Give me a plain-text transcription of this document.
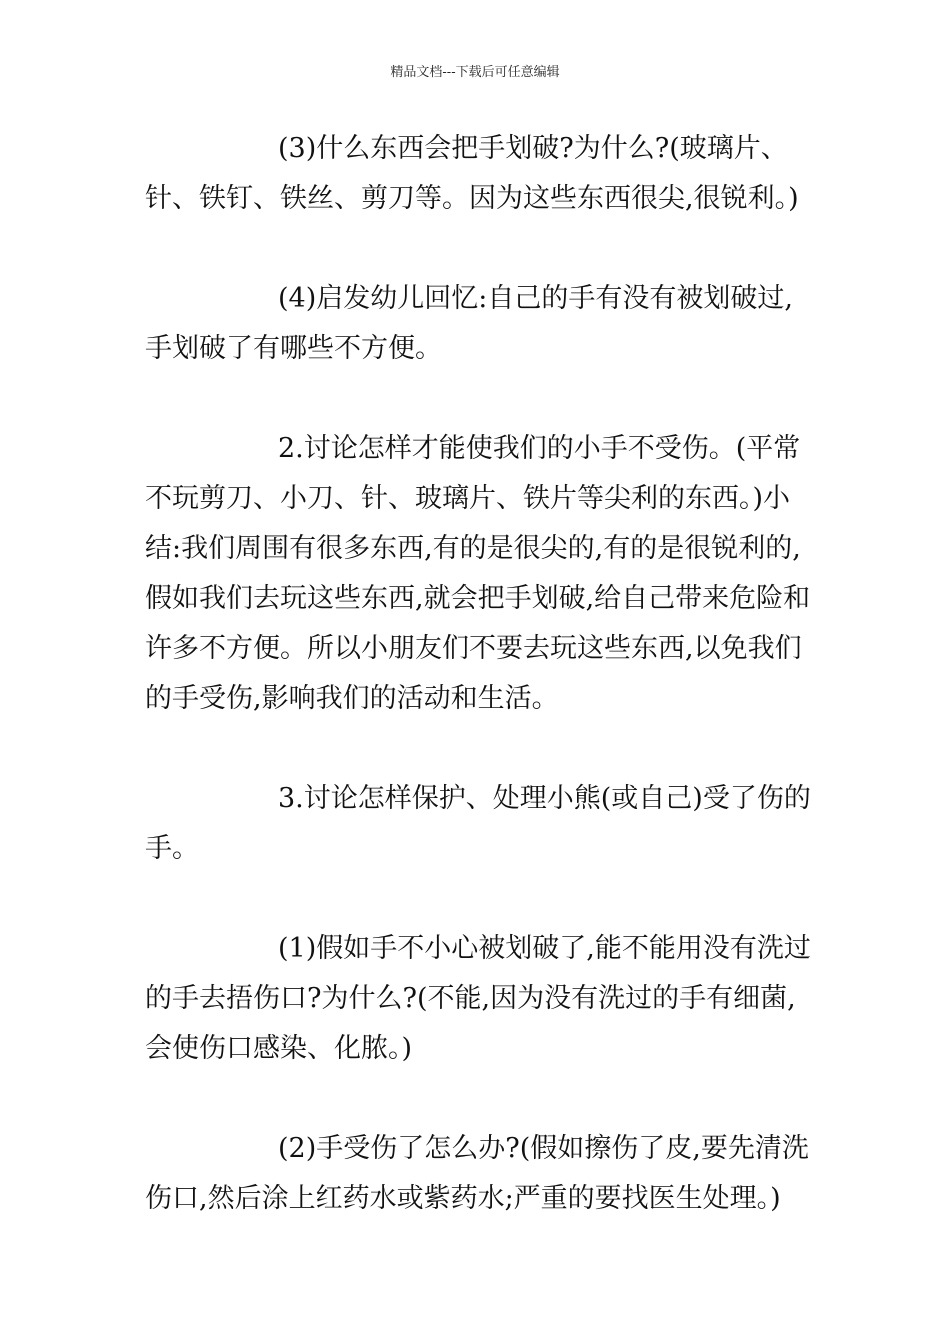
精品文档---下载后可任意编辑

(3)什么东西会把手划破?为什么?(玻璃片、针、铁钉、铁丝、剪刀等。因为这些东西很尖,很锐利。)

(4)启发幼儿回忆:自己的手有没有被划破过,手划破了有哪些不方便。

2.讨论怎样才能使我们的小手不受伤。(平常不玩剪刀、小刀、针、玻璃片、铁片等尖利的东西。)小结:我们周围有很多东西,有的是很尖的,有的是很锐利的,假如我们去玩这些东西,就会把手划破,给自己带来危险和许多不方便。所以小朋友们不要去玩这些东西,以免我们的手受伤,影响我们的活动和生活。

3.讨论怎样保护、处理小熊(或自己)受了伤的手。

(1)假如手不小心被划破了,能不能用没有洗过的手去捂伤口?为什么?(不能,因为没有洗过的手有细菌,会使伤口感染、化脓。)

(2)手受伤了怎么办?(假如擦伤了皮,要先清洗伤口,然后涂上红药水或紫药水;严重的要找医生处理。)
